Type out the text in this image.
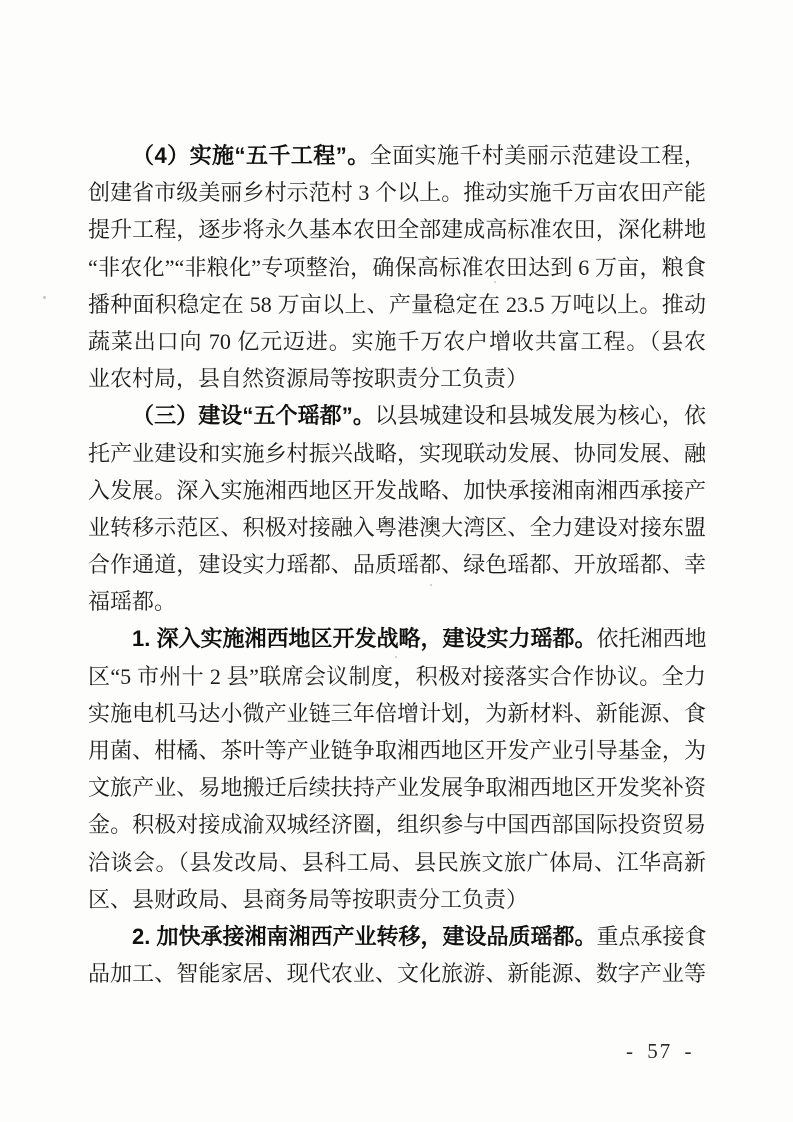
（4）实施“五千工程”。全面实施千村美丽示范建设工程，
创建省市级美丽乡村示范村 3 个以上。推动实施千万亩农田产能
提升工程，逐步将永久基本农田全部建成高标准农田，深化耕地
“非农化”“非粮化”专项整治，确保高标准农田达到 6 万亩，粮食
播种面积稳定在 58 万亩以上、产量稳定在 23.5 万吨以上。推动
蔬菜出口向 70 亿元迈进。实施千万农户增收共富工程。（县农
业农村局，县自然资源局等按职责分工负责）
（三）建设“五个瑶都”。以县城建设和县城发展为核心，依
托产业建设和实施乡村振兴战略，实现联动发展、协同发展、融
入发展。深入实施湘西地区开发战略、加快承接湘南湘西承接产
业转移示范区、积极对接融入粤港澳大湾区、全力建设对接东盟
合作通道，建设实力瑶都、品质瑶都、绿色瑶都、开放瑶都、幸
福瑶都。
1. 深入实施湘西地区开发战略，建设实力瑶都。依托湘西地
区“5 市州十 2 县”联席会议制度，积极对接落实合作协议。全力
实施电机马达小微产业链三年倍增计划，为新材料、新能源、食
用菌、柑橘、茶叶等产业链争取湘西地区开发产业引导基金，为
文旅产业、易地搬迁后续扶持产业发展争取湘西地区开发奖补资
金。积极对接成渝双城经济圈，组织参与中国西部国际投资贸易
洽谈会。（县发改局、县科工局、县民族文旅广体局、江华高新
区、县财政局、县商务局等按职责分工负责）
2. 加快承接湘南湘西产业转移，建设品质瑶都。重点承接食
品加工、智能家居、现代农业、文化旅游、新能源、数字产业等
- 57 -
